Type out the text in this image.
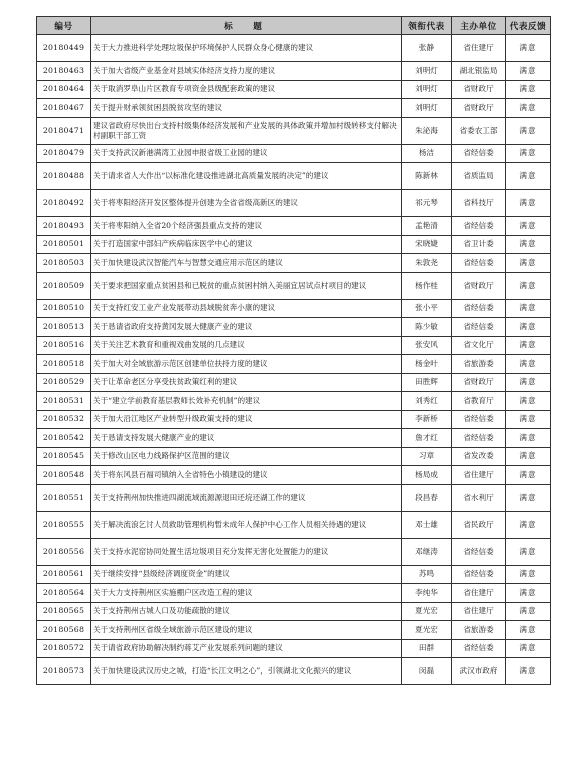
编号	标　题	领衔代表	主办单位	代表反馈
20180449	关于大力推进科学处理垃圾保护环境保护人民群众身心健康的建议	张静	省住建厅	满意
20180463	关于加大省级产业基金对县域实体经济支持力度的建议	刘明灯	湖北银监局	满意
20180464	关于取消罗阜山片区教育专项资金县级配套政策的建议	刘明灯	省财政厅	满意
20180467	关于提升财承领贫困县脱贫攻坚的建议	刘明灯	省财政厅	满意
20180471	建议省政府尽快出台支持村级集体经济发展和产业发展的具体政策并增加村级转移支付解决村副职干部工资	朱泌海	省委农工部	满意
20180479	关于支持武汉新港满湾工业园申报省级工业园的建议	杨洁	省经信委	满意
20180488	关于请求省人大作出“以标准化建设推进湖北高质量发展的决定”的建议	陈新林	省质监局	满意
20180492	关于将枣阳经济开发区整体提升创建为全省省级高新区的建议	祁元琴	省科技厅	满意
20180493	关于将枣阳纳入全省20个经济强县重点支持的建议	孟艳清	省经信委	满意
20180501	关于打造国家中部妇产疾病临床医学中心的建议	宋晓婕	省卫计委	满意
20180503	关于加快建设武汉智能汽车与智慧交通应用示范区的建议	朱敦尧	省经信委	满意
20180509	关于要求把国家重点贫困县和已脱贫的重点贫困村纳入美丽宜居试点村项目的建议	杨作桂	省财政厅	满意
20180510	关于支持红安工业产业发展带动县域脱贫奔小康的建议	张小平	省经信委	满意
20180513	关于恳请省政府支持黄冈发展大健康产业的建议	陈少敏	省经信委	满意
20180516	关于关注艺术教育和重视戏曲发展的几点建议	张安风	省文化厅	满意
20180518	关于加大对全域旅游示范区创建单位扶持力度的建议	杨金叶	省旅游委	满意
20180529	关于让革命老区分享受扶贫政策红利的建议	田胜辉	省财政厅	满意
20180531	关于“建立学前教育基层教师长效补充机制”的建议	刘秀红	省教育厅	满意
20180532	关于加大沿江地区产业转型升级政策支持的建议	李新桥	省经信委	满意
20180542	关于恳请支持发展大健康产业的建议	詹才红	省经信委	满意
20180545	关于修改山区电力线路保护区范围的建议	习章	省发改委	满意
20180548	关于将东风县百福司镇纳入全省特色小镇建设的建议	杨局成	省住建厅	满意
20180551	关于支持荆州加快推进四湖流域流源源退田还垸还湖工作的建议	段昌春	省水利厅	满意
20180555	关于解决流浪乞讨人员救助管理机构暂未成年人保护中心工作人员相关待遇的建议	邓士雄	省民政厅	满意
20180556	关于支持水泥窑协同处置生活垃圾项目充分发挥无害化处置能力的建议	邓继涛	省经信委	满意
20180561	关于继续安排“县级经济调度资金”的建议	苏鸣	省经信委	满意
20180564	关于大力支持荆州区实施棚户区改造工程的建议	李纯华	省住建厅	满意
20180565	关于支持荆州古城人口及功能疏散的建议	夏光宏	省住建厅	满意
20180568	关于支持荆州区省级全域旅游示范区建设的建议	夏光宏	省旅游委	满意
20180572	关于请省政府协助解决制约蒋艾产业发展系列问题的建议	田群	省经信委	满意
20180573	关于加快建设武汉历史之城，打造“长江文明之心”，引领湖北文化振兴的建议	闵磊	武汉市政府	满意
